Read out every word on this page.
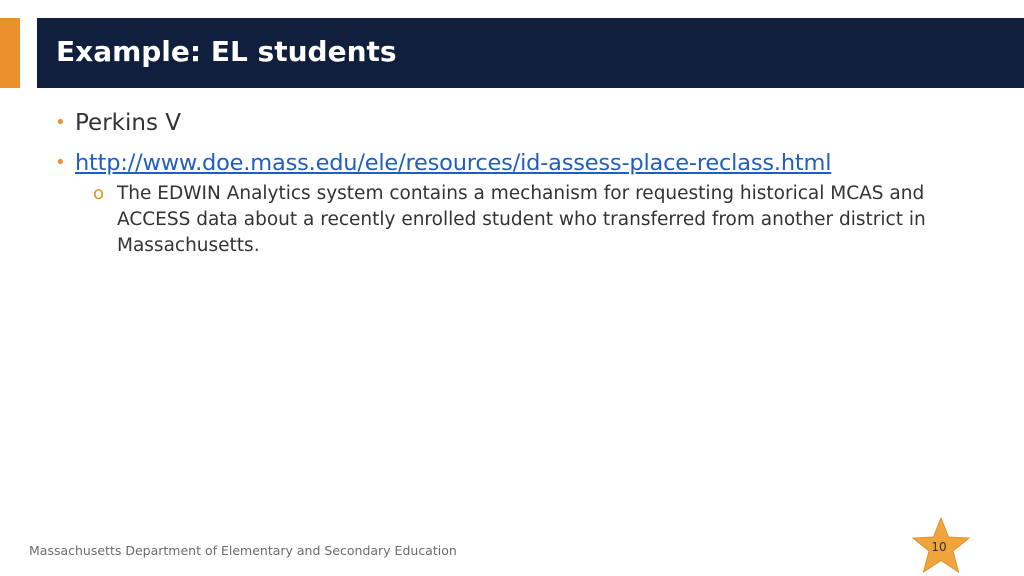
Example: EL students
• Perkins V
• http://www.doe.mass.edu/ele/resources/id-assess-place-reclass.html
o The EDWIN Analytics system contains a mechanism for requesting historical MCAS and ACCESS data about a recently enrolled student who transferred from another district in Massachusetts.
Massachusetts Department of Elementary and Secondary Education	10
